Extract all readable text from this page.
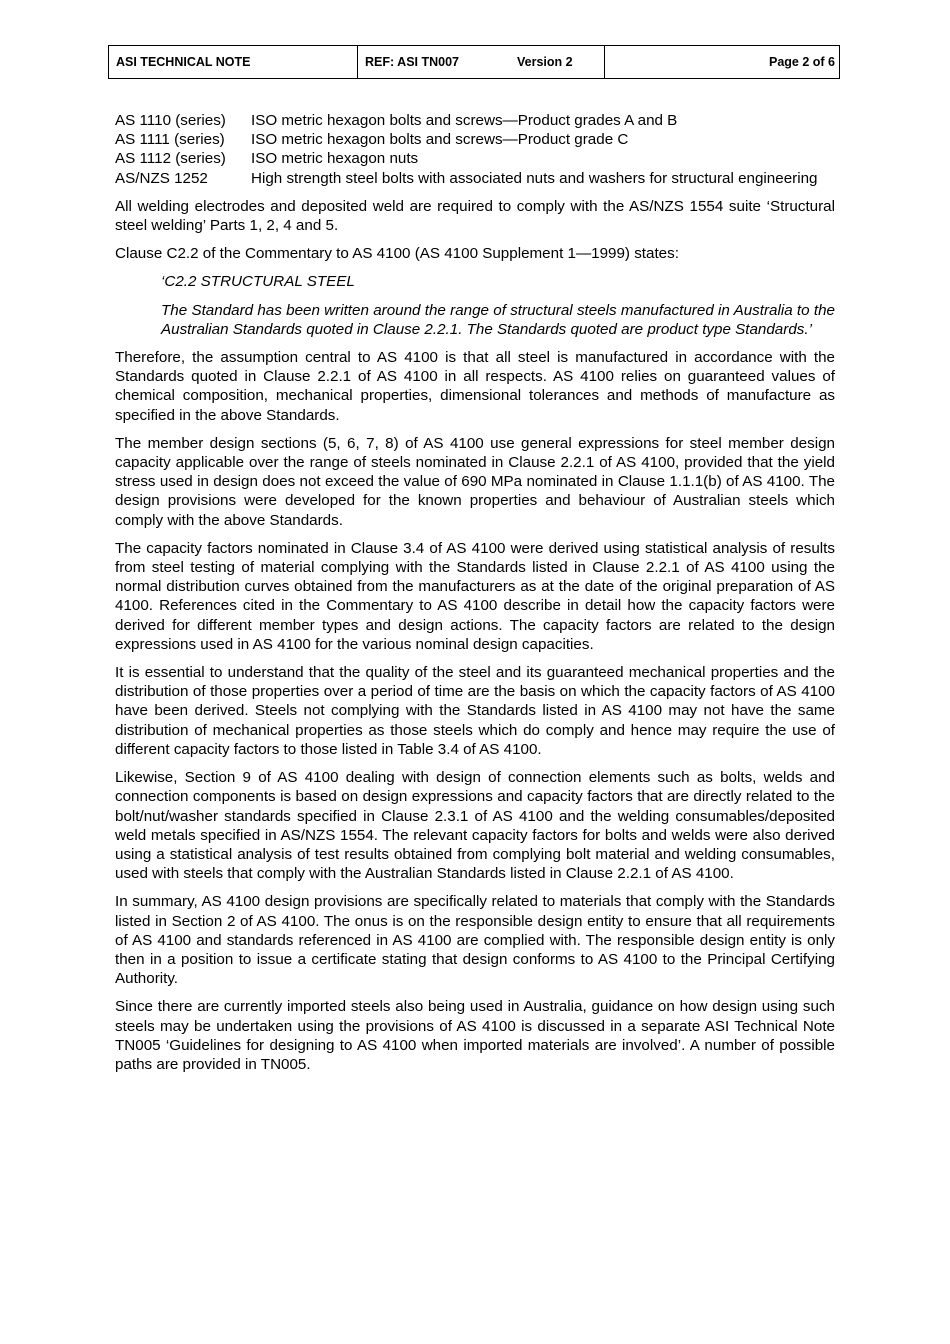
ASI TECHNICAL NOTE	REF: ASI TN007	Version 2	Page 2 of 6
AS 1110 (series)	ISO metric hexagon bolts and screws—Product grades A and B
AS 1111 (series)	ISO metric hexagon bolts and screws—Product grade C
AS 1112 (series)	ISO metric hexagon nuts
AS/NZS 1252	High strength steel bolts with associated nuts and washers for structural engineering

All welding electrodes and deposited weld are required to comply with the AS/NZS 1554 suite ‘Structural steel welding’ Parts 1, 2, 4 and 5.

Clause C2.2 of the Commentary to AS 4100 (AS 4100 Supplement 1—1999) states:

‘C2.2 STRUCTURAL STEEL

The Standard has been written around the range of structural steels manufactured in Australia to the Australian Standards quoted in Clause 2.2.1. The Standards quoted are product type Standards.’

Therefore, the assumption central to AS 4100 is that all steel is manufactured in accordance with the Standards quoted in Clause 2.2.1 of AS 4100 in all respects. AS 4100 relies on guaranteed values of chemical composition, mechanical properties, dimensional tolerances and methods of manufacture as specified in the above Standards.

The member design sections (5, 6, 7, 8) of AS 4100 use general expressions for steel member design capacity applicable over the range of steels nominated in Clause 2.2.1 of AS 4100, provided that the yield stress used in design does not exceed the value of 690 MPa nominated in Clause 1.1.1(b) of AS 4100. The design provisions were developed for the known properties and behaviour of Australian steels which comply with the above Standards.

The capacity factors nominated in Clause 3.4 of AS 4100 were derived using statistical analysis of results from steel testing of material complying with the Standards listed in Clause 2.2.1 of AS 4100 using the normal distribution curves obtained from the manufacturers as at the date of the original preparation of AS 4100. References cited in the Commentary to AS 4100 describe in detail how the capacity factors were derived for different member types and design actions. The capacity factors are related to the design expressions used in AS 4100 for the various nominal design capacities.

It is essential to understand that the quality of the steel and its guaranteed mechanical properties and the distribution of those properties over a period of time are the basis on which the capacity factors of AS 4100 have been derived. Steels not complying with the Standards listed in AS 4100 may not have the same distribution of mechanical properties as those steels which do comply and hence may require the use of different capacity factors to those listed in Table 3.4 of AS 4100.

Likewise, Section 9 of AS 4100 dealing with design of connection elements such as bolts, welds and connection components is based on design expressions and capacity factors that are directly related to the bolt/nut/washer standards specified in Clause 2.3.1 of AS 4100 and the welding consumables/deposited weld metals specified in AS/NZS 1554. The relevant capacity factors for bolts and welds were also derived using a statistical analysis of test results obtained from complying bolt material and welding consumables, used with steels that comply with the Australian Standards listed in Clause 2.2.1 of AS 4100.

In summary, AS 4100 design provisions are specifically related to materials that comply with the Standards listed in Section 2 of AS 4100. The onus is on the responsible design entity to ensure that all requirements of AS 4100 and standards referenced in AS 4100 are complied with. The responsible design entity is only then in a position to issue a certificate stating that design conforms to AS 4100 to the Principal Certifying Authority.

Since there are currently imported steels also being used in Australia, guidance on how design using such steels may be undertaken using the provisions of AS 4100 is discussed in a separate ASI Technical Note TN005 ‘Guidelines for designing to AS 4100 when imported materials are involved’. A number of possible paths are provided in TN005.
